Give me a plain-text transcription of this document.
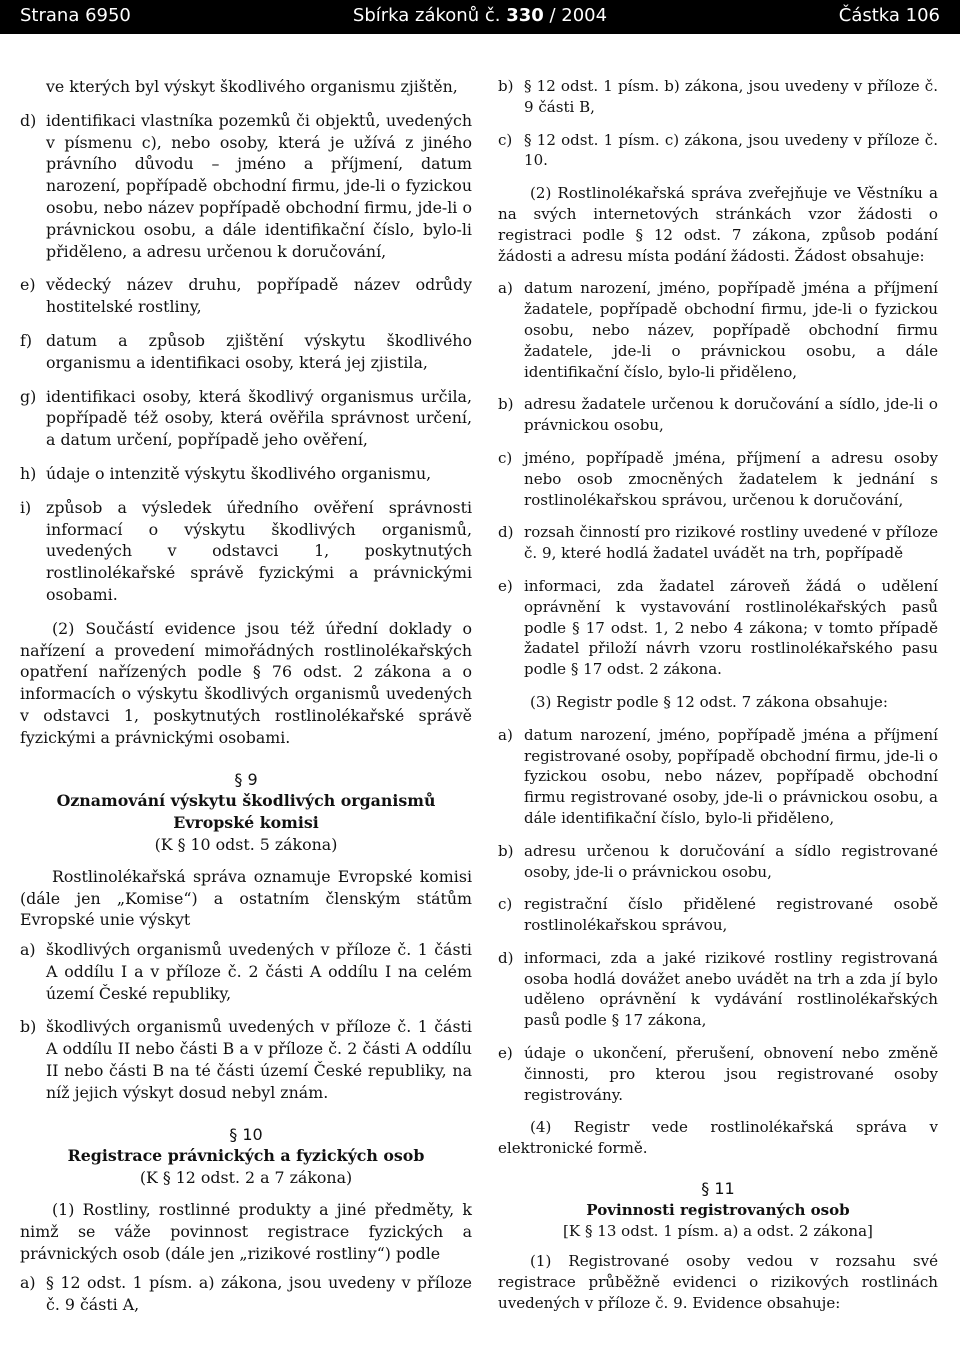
Strana 6950	Sbírka zákonů č. 330 / 2004	Částka 106
ve kterých byl výskyt škodlivého organismu zjištěn,
d) identifikaci vlastníka pozemků či objektů, uvedených v písmenu c), nebo osoby, která je užívá z jiného právního důvodu – jméno a příjmení, datum narození, popřípadě obchodní firmu, jde-li o fyzickou osobu, nebo název popřípadě obchodní firmu, jde-li o právnickou osobu, a dále identifikační číslo, bylo-li přiděleno, a adresu určenou k doručování,
e) vědecký název druhu, popřípadě název odrůdy hostitelské rostliny,
f) datum a způsob zjištění výskytu škodlivého organismu a identifikaci osoby, která jej zjistila,
g) identifikaci osoby, která škodlivý organismus určila, popřípadě též osoby, která ověřila správnost určení, a datum určení, popřípadě jeho ověření,
h) údaje o intenzitě výskytu škodlivého organismu,
i) způsob a výsledek úředního ověření správnosti informací o výskytu škodlivých organismů, uvedených v odstavci 1, poskytnutých rostlinolékařské správě fyzickými a právnickými osobami.

(2) Součástí evidence jsou též úřední doklady o nařízení a provedení mimořádných rostlinolékařských opatření nařízených podle § 76 odst. 2 zákona a o informacích o výskytu škodlivých organismů uvedených v odstavci 1, poskytnutých rostlinolékařské správě fyzickými a právnickými osobami.

§ 9
Oznamování výskytu škodlivých organismů
Evropské komisi
(K § 10 odst. 5 zákona)

Rostlinolékařská správa oznamuje Evropské komisi (dále jen „Komise“) a ostatním členským státům Evropské unie výskyt

a) škodlivých organismů uvedených v příloze č. 1 části A oddílu I a v příloze č. 2 části A oddílu I na celém území České republiky,
b) škodlivých organismů uvedených v příloze č. 1 části A oddílu II nebo části B a v příloze č. 2 části A oddílu II nebo části B na té části území České republiky, na níž jejich výskyt dosud nebyl znám.
§ 10
Registrace právnických a fyzických osob
(K § 12 odst. 2 a 7 zákona)

(1) Rostliny, rostlinné produkty a jiné předměty, k nimž se váže povinnost registrace fyzických a právnických osob (dále jen „rizikové rostliny“) podle

a) § 12 odst. 1 písm. a) zákona, jsou uvedeny v příloze č. 9 části A,
b) § 12 odst. 1 písm. b) zákona, jsou uvedeny v příloze č. 9 části B,
c) § 12 odst. 1 písm. c) zákona, jsou uvedeny v příloze č. 10.

(2) Rostlinolékařská správa zveřejňuje ve Věstníku a na svých internetových stránkách vzor žádosti o registraci podle § 12 odst. 7 zákona, způsob podání žádosti a adresu místa podání žádosti. Žádost obsahuje:

a) datum narození, jméno, popřípadě jména a příjmení žadatele, popřípadě obchodní firmu, jde-li o fyzickou osobu, nebo název, popřípadě obchodní firmu žadatele, jde-li o právnickou osobu, a dále identifikační číslo, bylo-li přiděleno,
b) adresu žadatele určenou k doručování a sídlo, jde-li o právnickou osobu,
c) jméno, popřípadě jména, příjmení a adresu osoby nebo osob zmocněných žadatelem k jednání s rostlinolékařskou správou, určenou k doručování,
d) rozsah činností pro rizikové rostliny uvedené v příloze č. 9, které hodlá žadatel uvádět na trh, popřípadě
e) informaci, zda žadatel zároveň žádá o udělení oprávnění k vystavování rostlinolékařských pasů podle § 17 odst. 1, 2 nebo 4 zákona; v tomto případě žadatel přiloží návrh vzoru rostlinolékařského pasu podle § 17 odst. 2 zákona.

(3) Registr podle § 12 odst. 7 zákona obsahuje:

a) datum narození, jméno, popřípadě jména a příjmení registrované osoby, popřípadě obchodní firmu, jde-li o fyzickou osobu, nebo název, popřípadě obchodní firmu registrované osoby, jde-li o právnickou osobu, a dále identifikační číslo, bylo-li přiděleno,
b) adresu určenou k doručování a sídlo registrované osoby, jde-li o právnickou osobu,
c) registrační číslo přidělené registrované osobě rostlinolékařskou správou,
d) informaci, zda a jaké rizikové rostliny registrovaná osoba hodlá dovážet anebo uvádět na trh a zda jí bylo uděleno oprávnění k vydávání rostlinolékařských pasů podle § 17 zákona,
e) údaje o ukončení, přerušení, obnovení nebo změně činnosti, pro kterou jsou registrované osoby registrovány.

(4) Registr vede rostlinolékařská správa v elektronické formě.

§ 11
Povinnosti registrovaných osob
[K § 13 odst. 1 písm. a) a odst. 2 zákona]

(1) Registrované osoby vedou v rozsahu své registrace průběžně evidenci o rizikových rostlinách uvedených v příloze č. 9. Evidence obsahuje:
